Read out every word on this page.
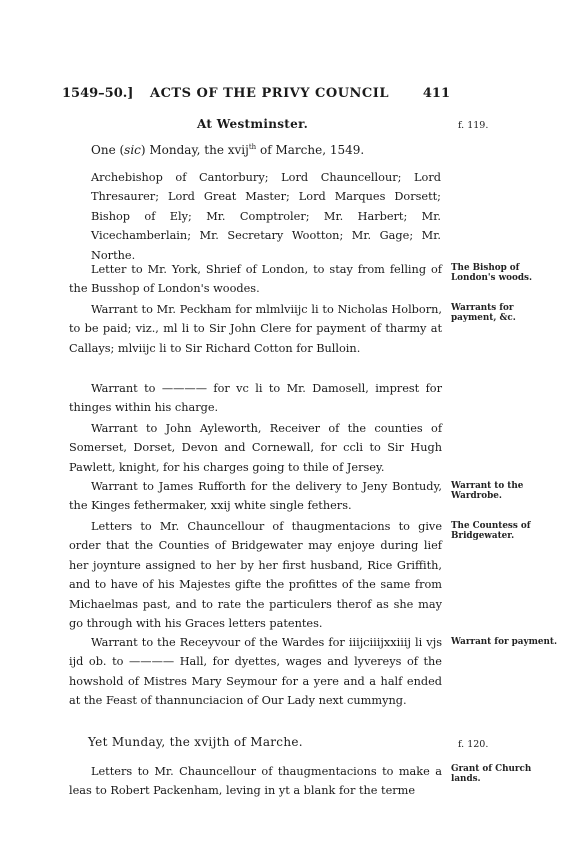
1549–50.] ACTS OF THE PRIVY COUNCIL	411
At Westminster.	f. 119.
One (sic) Monday, the xvij$^{th}$ of Marche, 1549.

Archebishop of Cantorbury; Lord Chauncellour; Lord Thresaurer; Lord Great Master; Lord Marques Dorsett; Bishop of Ely; Mr. Comptroler; Mr. Harbert; Mr. Vicechamberlain; Mr. Secretary Wootton; Mr. Gage; Mr. Northe.

Letter to Mr. York, Shrief of London, to stay from felling of the Busshop of London's woodes.

The Bishop of London's woods.

Warrant to Mr. Peckham for mlmlviijc li to Nicholas Holborn, to be paid; viz., ml li to Sir John Clere for payment of tharmy at Callays; mlviijc li to Sir Richard Cotton for Bulloin.

Warrants for payment, &c.

Warrant to ———— for vc li to Mr. Damosell, imprest for thinges within his charge.

Warrant to John Ayleworth, Receiver of the counties of Somerset, Dorset, Devon and Cornewall, for ccli to Sir Hugh Pawlett, knight, for his charges going to thile of Jersey.

Warrant to James Rufforth for the delivery to Jeny Bontudy, the Kinges fethermaker, xxij white single fethers.

Warrant to the Wardrobe.

Letters to Mr. Chauncellour of thaugmentacions to give order that the Counties of Bridgewater may enjoye during lief her joynture assigned to her by her first husband, Rice Griffith, and to have of his Majestes gifte the profittes of the same from Michaelmas past, and to rate the particulers therof as she may go through with his Graces letters patentes.

The Countess of Bridgewater.

Warrant to the Receyvour of the Wardes for iiijciiijxxiiij li vjs ijd ob. to ———— Hall, for dyettes, wages and lyvereys of the howshold of Mistres Mary Seymour for a yere and a half ended at the Feast of thannunciacion of Our Lady next cummyng.

Warrant for payment.
Yet Munday, the xvijth of Marche.	f. 120.

Letters to Mr. Chauncellour of thaugmentacions to make a leas to Robert Packenham, leving in yt a blank for the terme

Grant of Church lands.
